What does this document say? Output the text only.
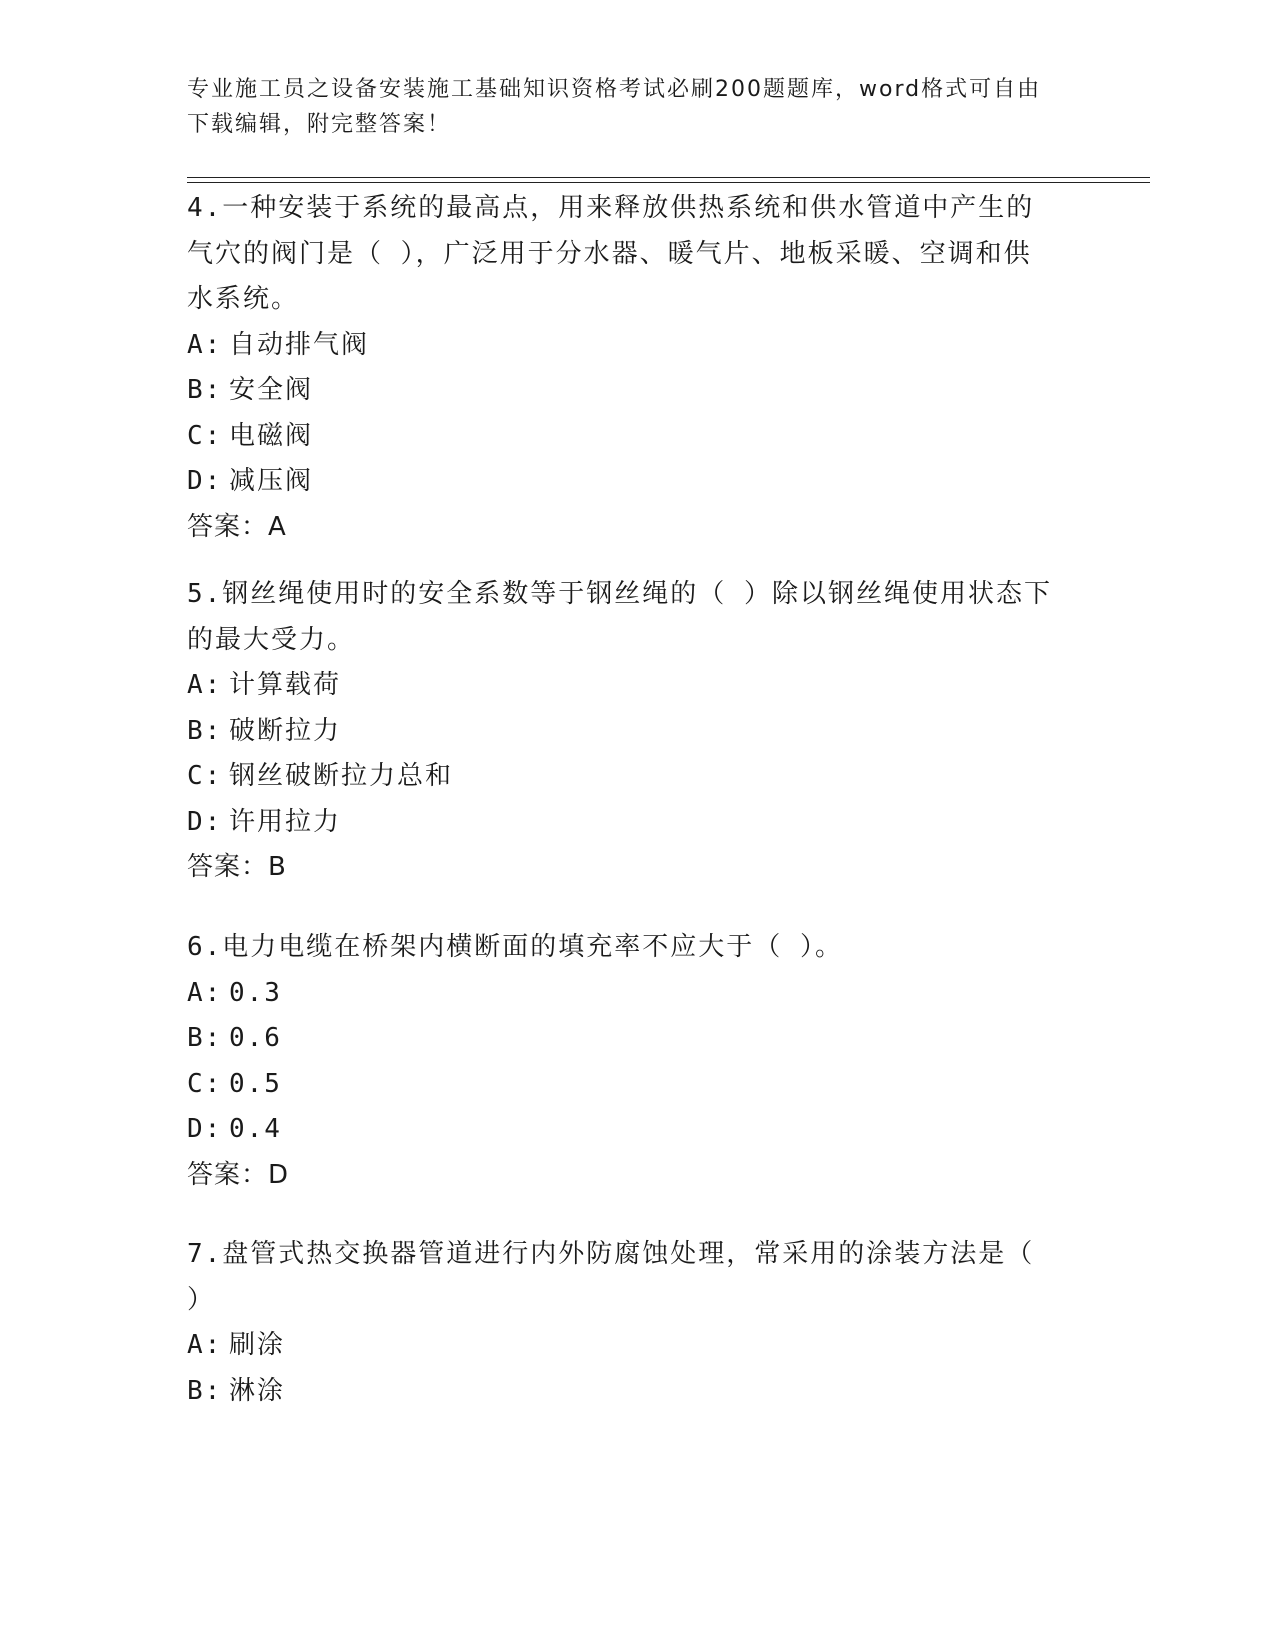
专业施工员之设备安装施工基础知识资格考试必刷200题题库，word格式可自由
下载编辑，附完整答案！
4.一种安装于系统的最高点，用来释放供热系统和供水管道中产生的
气穴的阀门是（ ），广泛用于分水器、暖气片、地板采暖、空调和供
水系统。
A: 自动排气阀
B: 安全阀
C: 电磁阀
D: 减压阀
答案：A
5.钢丝绳使用时的安全系数等于钢丝绳的（ ）除以钢丝绳使用状态下
的最大受力。
A: 计算载荷
B: 破断拉力
C: 钢丝破断拉力总和
D: 许用拉力
答案：B
6.电力电缆在桥架内横断面的填充率不应大于（ ）。
A: 0.3
B: 0.6
C: 0.5
D: 0.4
答案：D
7.盘管式热交换器管道进行内外防腐蚀处理，常采用的涂装方法是（
）
A: 刷涂
B: 淋涂
